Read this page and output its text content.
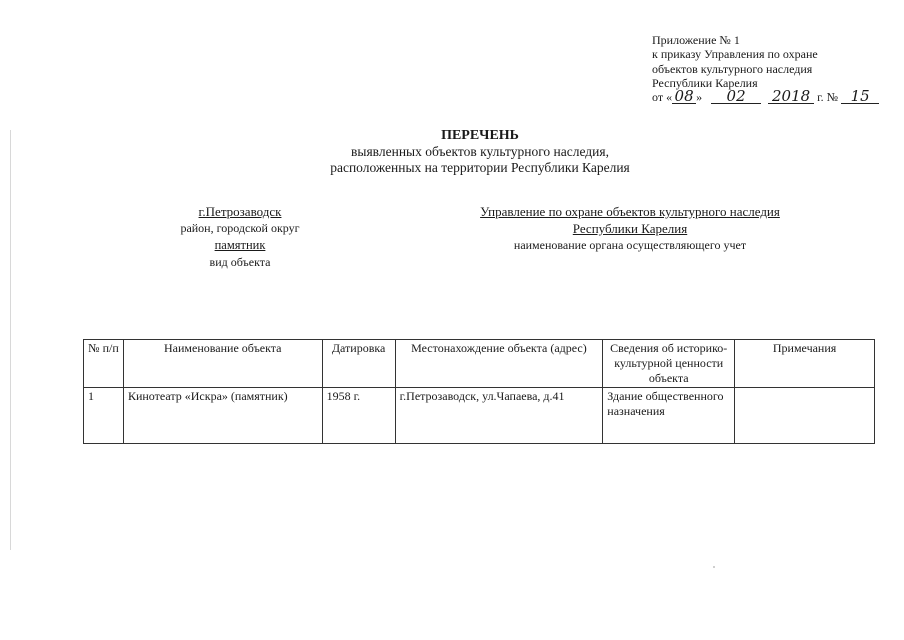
Приложение № 1
к приказу Управления по охране
объектов культурного наследия
Республики Карелия
от « 08 » 02 2018 г. № 15
ПЕРЕЧЕНЬ
выявленных объектов культурного наследия,
расположенных на территории Республики Карелия
г.Петрозаводск
район, городской округ
памятник
вид объекта
Управление по охране объектов культурного наследия
Республики Карелия
наименование органа осуществляющего учет
№ п/п	Наименование объекта	Датировка	Местонахождение объекта (адрес)	Сведения об историко-культурной ценности объекта	Примечания
1	Кинотеатр «Искра» (памятник)	1958 г.	г.Петрозаводск, ул.Чапаева, д.41	Здание общественного назначения	
